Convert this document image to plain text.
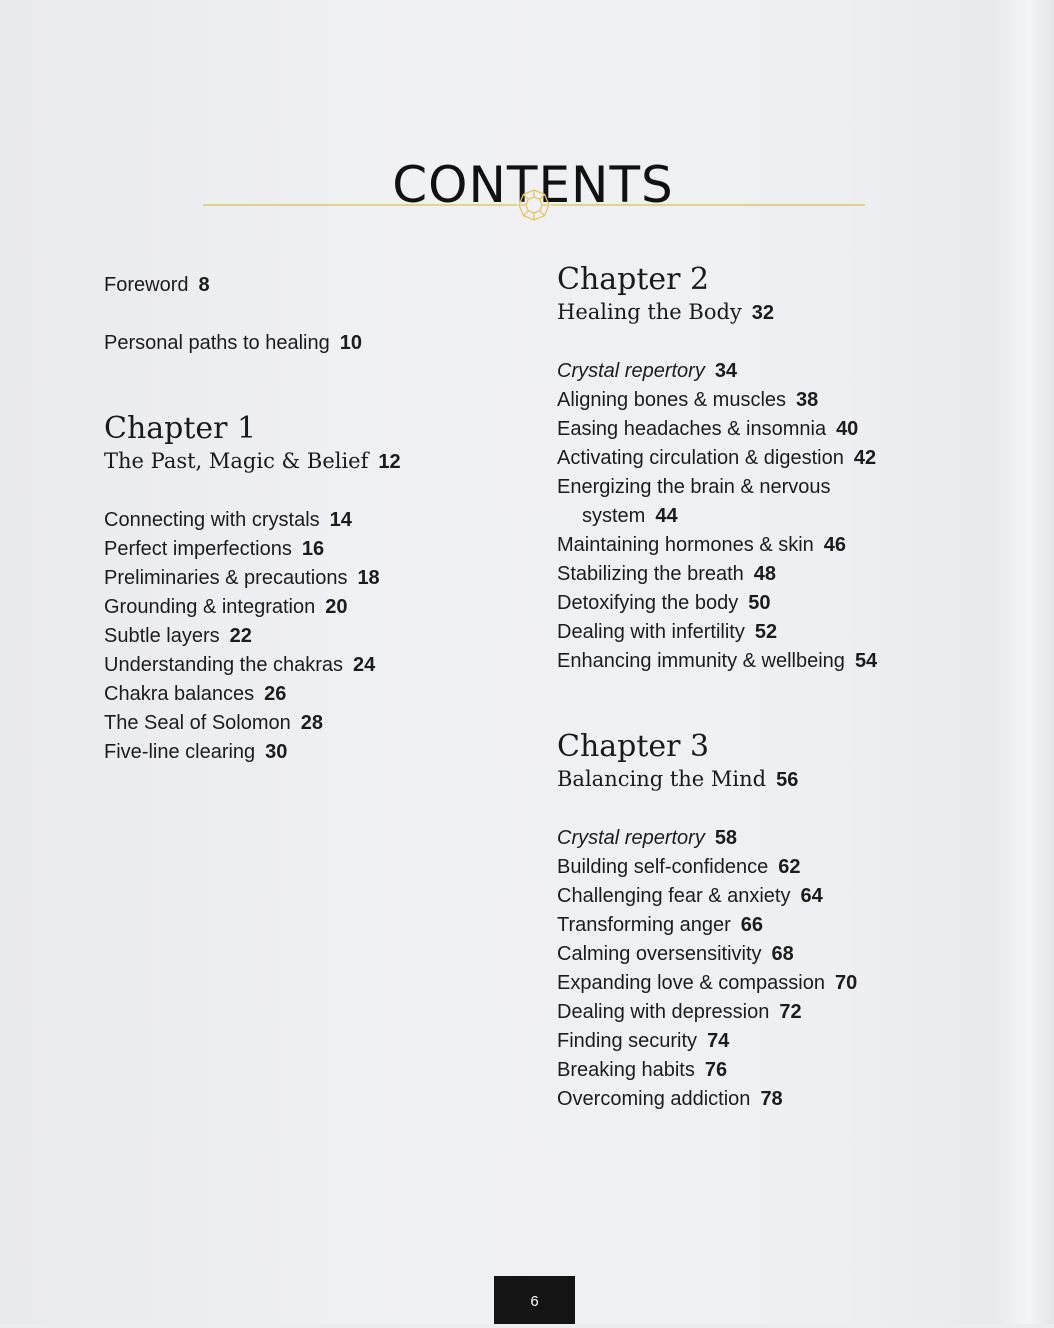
CONTENTS
Foreword 8
Personal paths to healing 10
Chapter 1
The Past, Magic & Belief 12
Connecting with crystals 14
Perfect imperfections 16
Preliminaries & precautions 18
Grounding & integration 20
Subtle layers 22
Understanding the chakras 24
Chakra balances 26
The Seal of Solomon 28
Five-line clearing 30
Chapter 2
Healing the Body 32
Crystal repertory 34
Aligning bones & muscles 38
Easing headaches & insomnia 40
Activating circulation & digestion 42
Energizing the brain & nervous
system 44
Maintaining hormones & skin 46
Stabilizing the breath 48
Detoxifying the body 50
Dealing with infertility 52
Enhancing immunity & wellbeing 54
Chapter 3
Balancing the Mind 56
Crystal repertory 58
Building self-confidence 62
Challenging fear & anxiety 64
Transforming anger 66
Calming oversensitivity 68
Expanding love & compassion 70
Dealing with depression 72
Finding security 74
Breaking habits 76
Overcoming addiction 78
6
